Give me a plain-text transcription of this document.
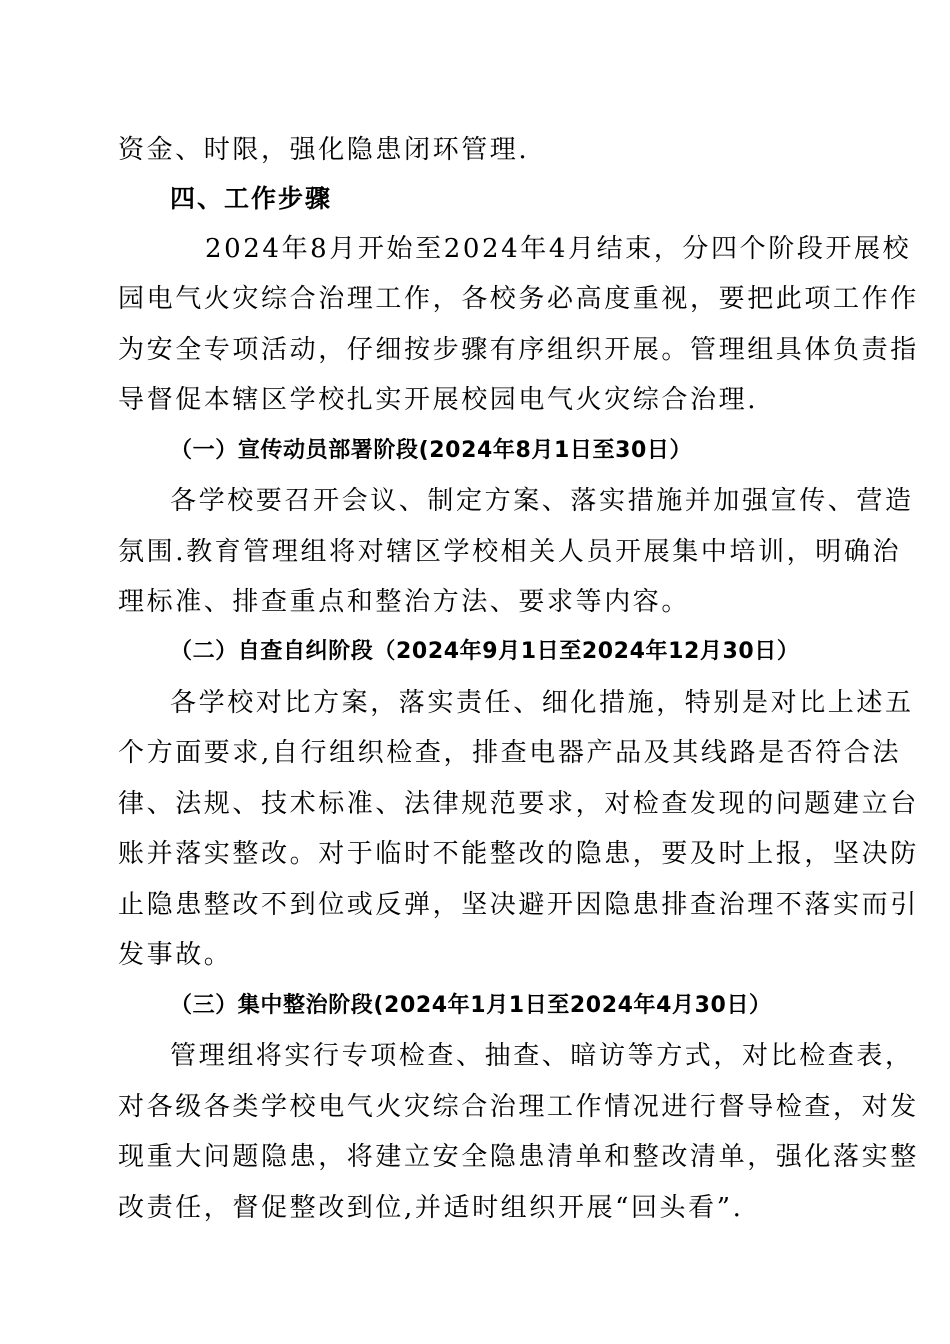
资金、时限，强化隐患闭环管理.
四、工作步骤
2024年8月开始至2024年4月结束，分四个阶段开展校
园电气火灾综合治理工作，各校务必高度重视，要把此项工作作
为安全专项活动，仔细按步骤有序组织开展。管理组具体负责指
导督促本辖区学校扎实开展校园电气火灾综合治理.
（一）宣传动员部署阶段(2024年8月1日至30日）
各学校要召开会议、制定方案、落实措施并加强宣传、营造
氛围.教育管理组将对辖区学校相关人员开展集中培训，明确治
理标准、排查重点和整治方法、要求等内容。
（二）自查自纠阶段（2024年9月1日至2024年12月30日）
各学校对比方案，落实责任、细化措施，特别是对比上述五
个方面要求,自行组织检查，排查电器产品及其线路是否符合法
律、法规、技术标准、法律规范要求，对检查发现的问题建立台
账并落实整改。对于临时不能整改的隐患，要及时上报，坚决防
止隐患整改不到位或反弹，坚决避开因隐患排查治理不落实而引
发事故。
（三）集中整治阶段(2024年1月1日至2024年4月30日）
管理组将实行专项检查、抽查、暗访等方式，对比检查表，
对各级各类学校电气火灾综合治理工作情况进行督导检查，对发
现重大问题隐患，将建立安全隐患清单和整改清单，强化落实整
改责任，督促整改到位,并适时组织开展“回头看”.
